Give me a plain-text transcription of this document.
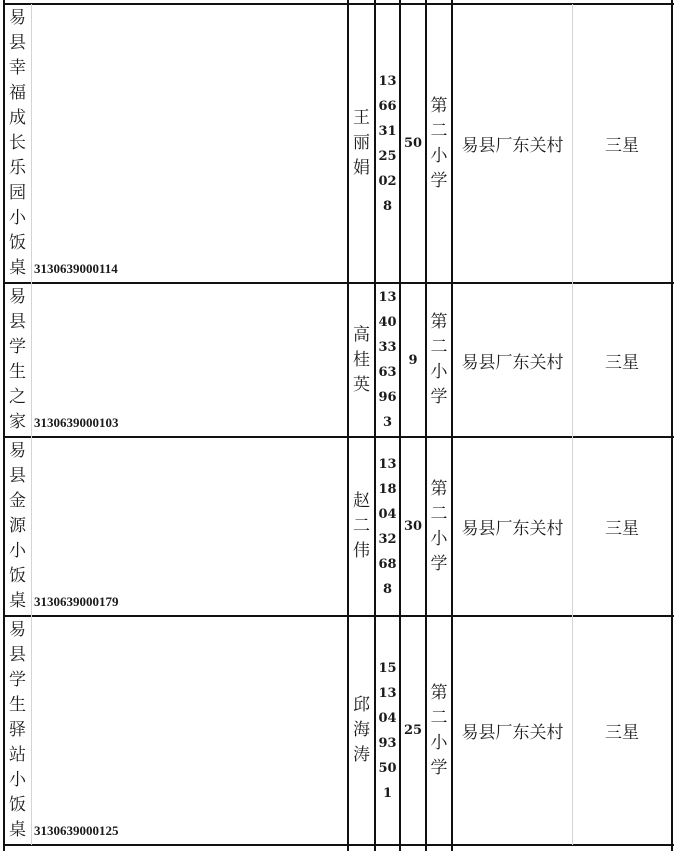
易
县
幸
福
成
长
乐
园
小
饭
桌 3130639000114
王
丽
娟
13
66
31
25
02
8
50
第
二
小
学
易县厂东关村 三星
易
县
学
生
之
家 3130639000103
高
桂
英
13
40
33
63
96
3
9
第
二
小
学
易县厂东关村 三星
易
县
金
源
小
饭
桌 3130639000179
赵
二
伟
13
18
04
32
68
8
30
第
二
小
学
易县厂东关村 三星
易
县
学
生
驿
站
小
饭
桌 3130639000125
邱
海
涛
15
13
04
93
50
1
25
第
二
小
学
易县厂东关村 三星
